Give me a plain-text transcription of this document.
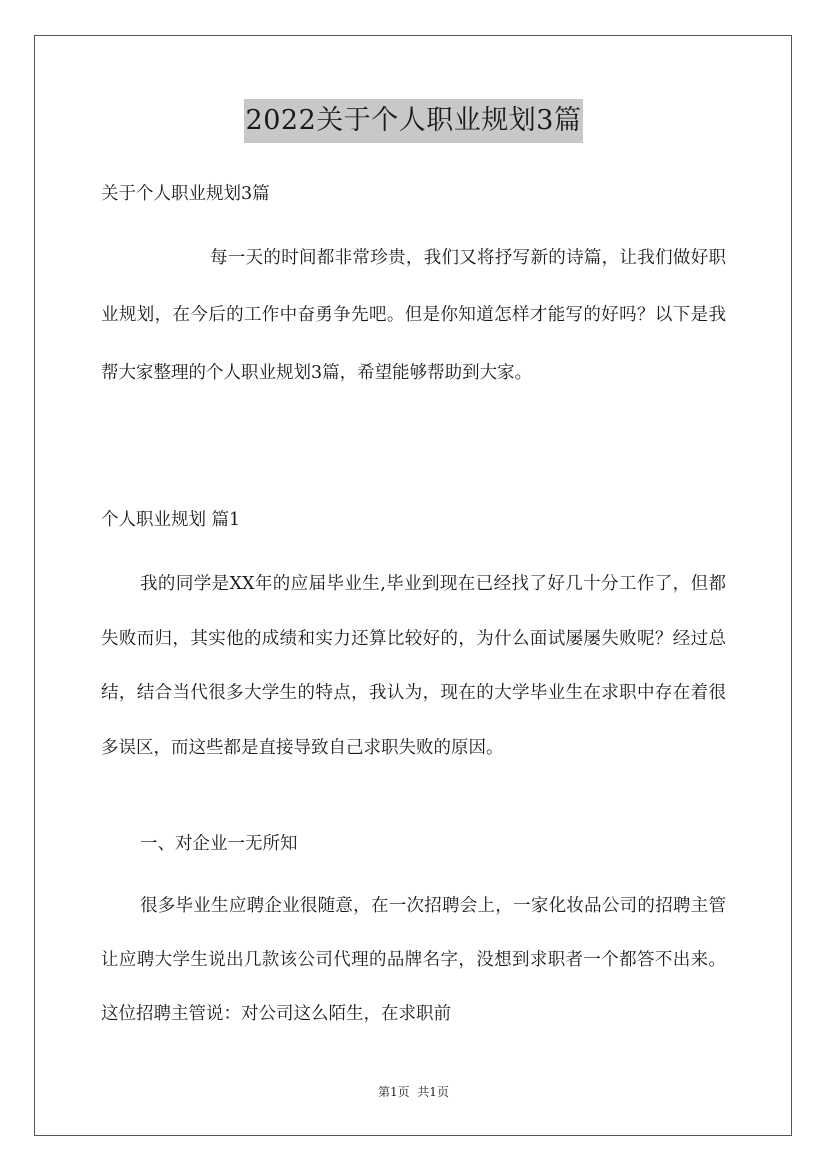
2022关于个人职业规划3篇

关于个人职业规划3篇

每一天的时间都非常珍贵，我们又将抒写新的诗篇，让我们做好职业规划，在今后的工作中奋勇争先吧。但是你知道怎样才能写的好吗？以下是我帮大家整理的个人职业规划3篇，希望能够帮助到大家。

个人职业规划 篇1

我的同学是XX年的应届毕业生,毕业到现在已经找了好几十分工作了，但都失败而归，其实他的成绩和实力还算比较好的，为什么面试屡屡失败呢？经过总结，结合当代很多大学生的特点，我认为，现在的大学毕业生在求职中存在着很多误区，而这些都是直接导致自己求职失败的原因。

一、对企业一无所知

很多毕业生应聘企业很随意，在一次招聘会上，一家化妆品公司的招聘主管让应聘大学生说出几款该公司代理的品牌名字，没想到求职者一个都答不出来。这位招聘主管说：对公司这么陌生，在求职前

第1页  共1页
